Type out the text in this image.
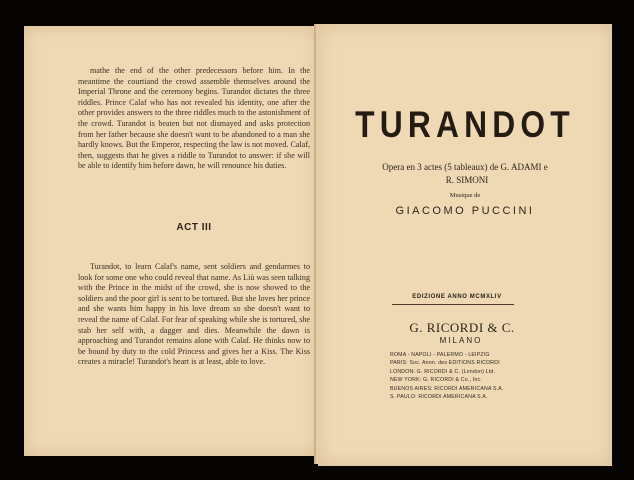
mathe the end of the other predecessors before him. In the meantime the courtiand the crowd assemble themselves around the Imperial Throne and the ceremony begins. Turandot dictates the three riddles. Prince Calaf who has not revealed his identity, one after the other provides answers to the three riddles much to the astonishment of the crowd. Turandot is beaten but not dismayed and asks protection from her father because she doesn't want to be abandoned to a man she hardly knows. But the Emperor, respecting the law is not moved. Calaf, then, suggests that he gives a riddle to Turandot to answer: if she will be able to identify him before dawn, he will renounce his duties.

ACT III

Turandot, to learn Calaf's name, sent soldiers and gendarmes to look for some one who could reveal that name. As Liù was seen talking with the Prince in the midst of the crowd, she is now showed to the soldiers and the poor girl is sent to be tortured. But she loves her prince and she wants him happy in his love dream so she doesn't want to reveal the name of Calaf. For fear of speaking while she is tortured, she stab her self with, a dagger and dies. Meanwhile the dawn is approaching and Turandot remains alone with Calaf. He thinks now to be bound by duty to the cold Princess and gives her a Kiss. The Kiss creates a miracle! Turandot's heart is at least, able to love.

TURANDOT

Opera en 3 actes (5 tableaux) de G. ADAMI e

R. SIMONI

Musique de

GIACOMO PUCCINI

EDIZIONE ANNO MCMXLIV

G. RICORDI & C.

MILANO

ROMA - NAPOLI - PALERMO - LEIPZIG
PARIS: Soc. Anon. des EDITIONS RICORDI
LONDON: G. RICORDI & C. (London) Ltd.
NEW YORK: G. RICORDI & Co., Inc.
BUENOS AIRES: RICORDI AMERICANA S.A.
S. PAULO: RICORDI AMERICANA S.A.
